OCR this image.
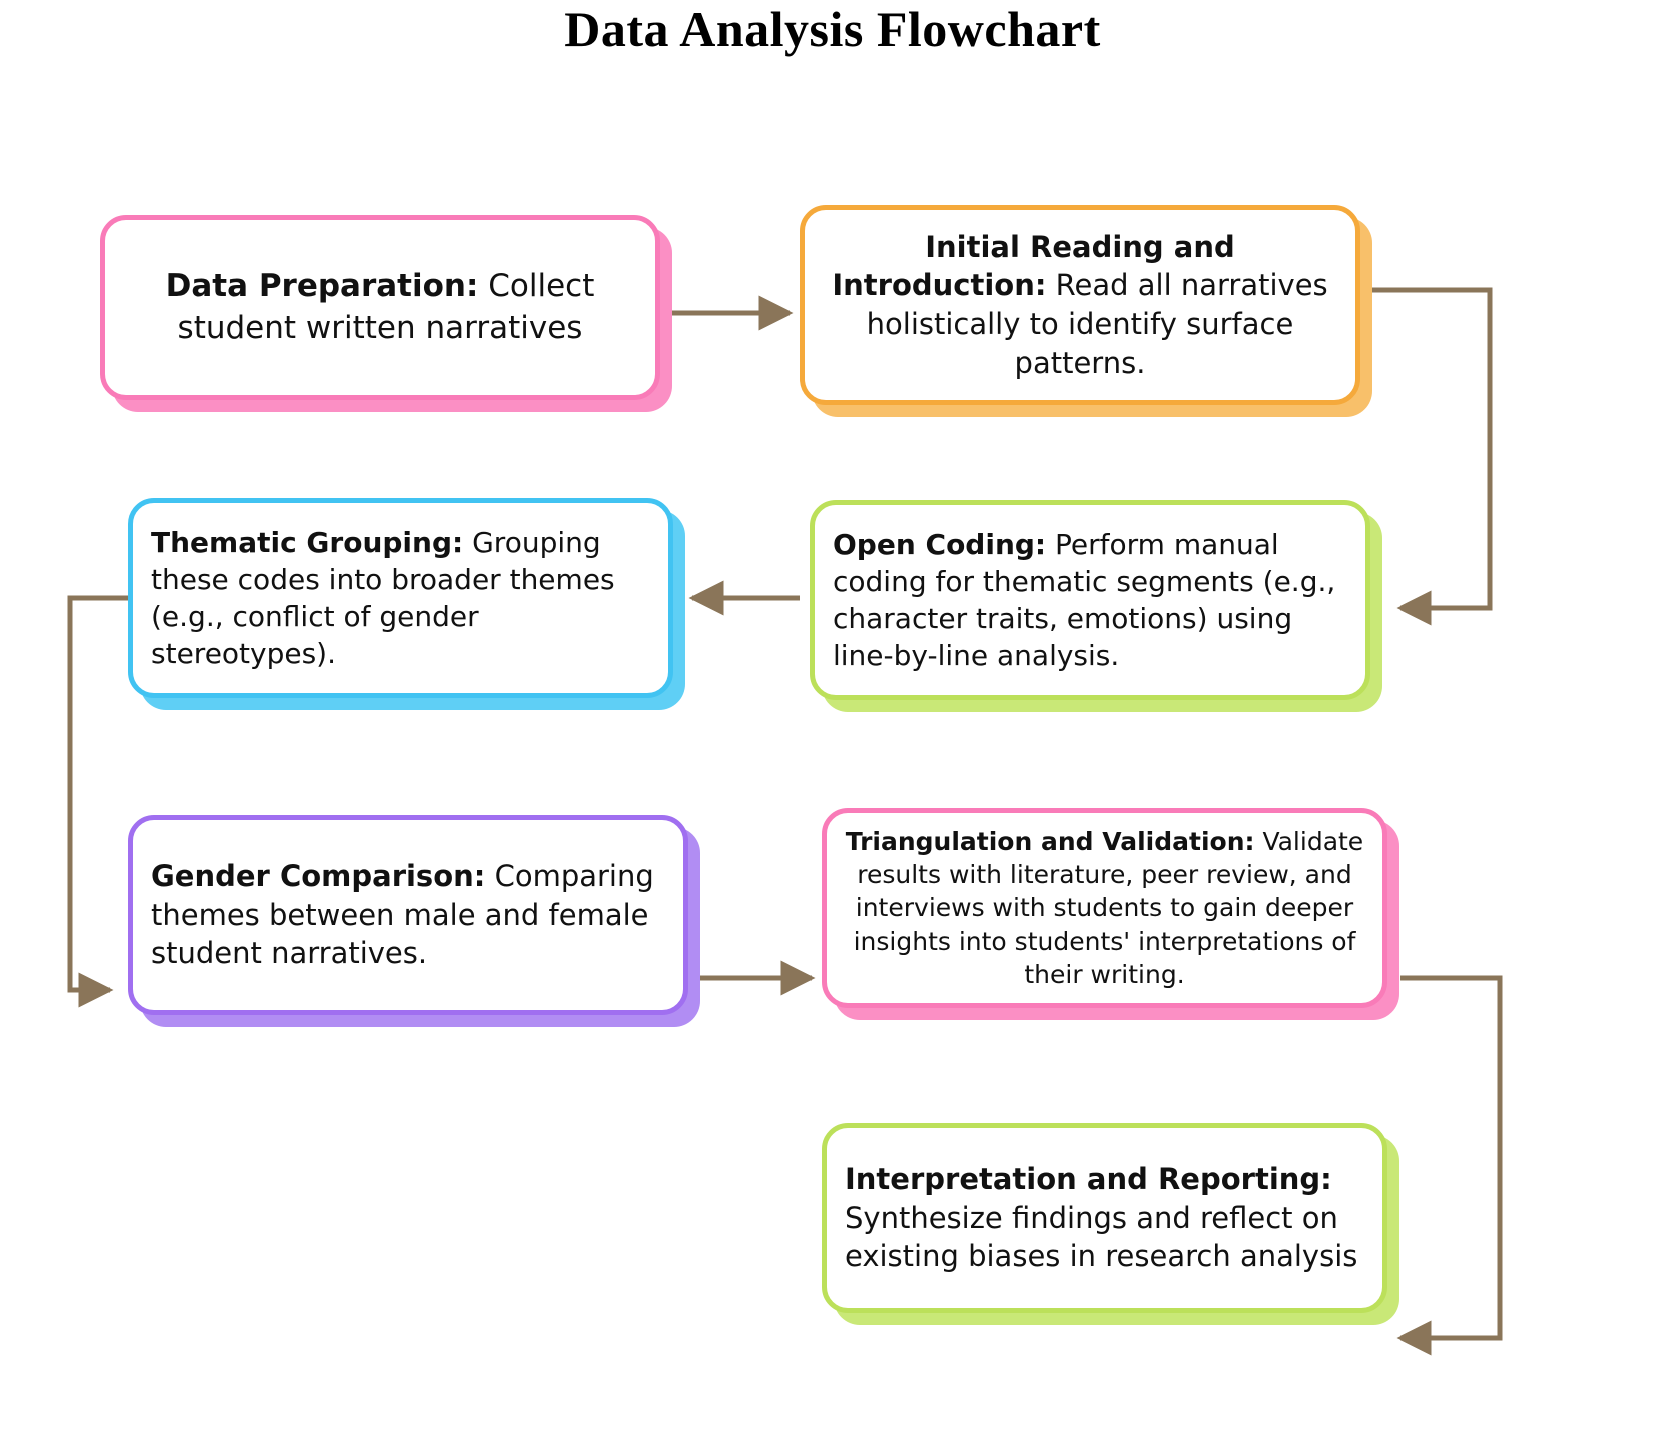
Data Analysis Flowchart
Data Preparation: Collect student written narratives
Initial Reading and Introduction: Read all narratives holistically to identify surface patterns.
Open Coding: Perform manual coding for thematic segments (e.g., character traits, emotions) using line-by-line analysis.
Thematic Grouping: Grouping these codes into broader themes (e.g., conflict of gender stereotypes).
Gender Comparison: Comparing themes between male and female student narratives.
Triangulation and Validation: Validate results with literature, peer review, and interviews with students to gain deeper insights into students' interpretations of their writing.
Interpretation and Reporting: Synthesize findings and reflect on existing biases in research analysis
